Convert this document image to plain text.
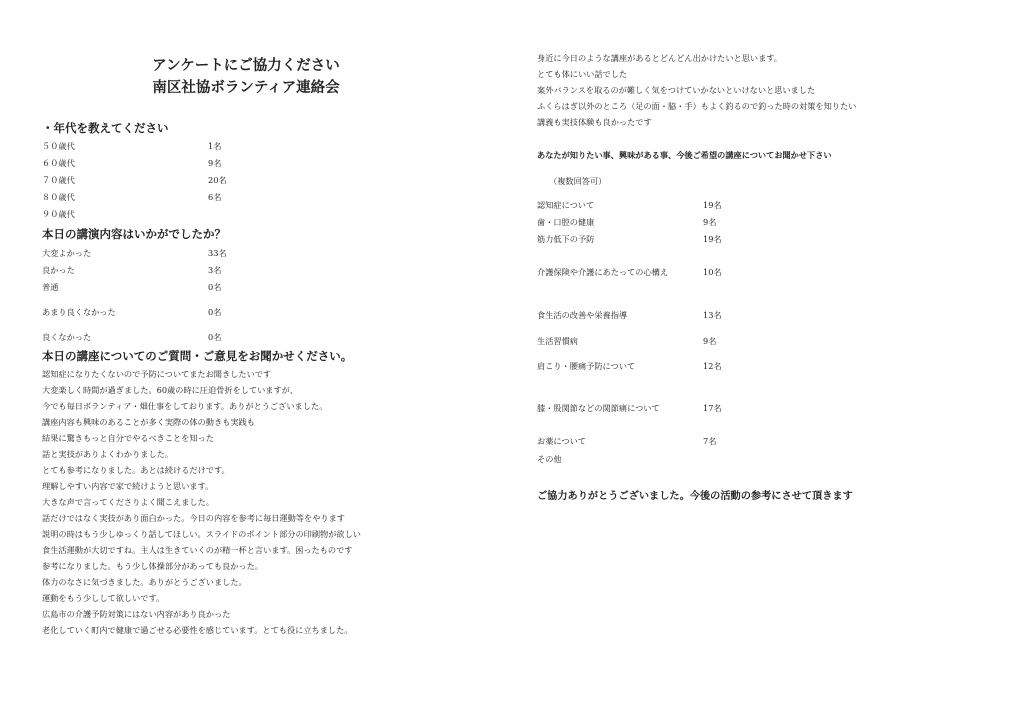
アンケートにご協力ください
南区社協ボランティア連絡会
・年代を教えてください
５０歳代	1名
６０歳代	9名
７０歳代	20名
８０歳代	6名
９０歳代
本日の講演内容はいかがでしたか？
大変よかった	33名
良かった	3名
普通	0名
あまり良くなかった	0名
良くなかった	0名
本日の講座についてのご質問・ご意見をお聞かせください。
認知症になりたくないので予防についてまたお聞きしたいです
大変楽しく時間が過ぎました。60歳の時に圧迫骨折をしていますが、
今でも毎日ボランティア・畑仕事をしております。ありがとうございました。
講座内容も興味のあることが多く実際の体の動きも実践も
結果に驚きもっと自分でやるべきことを知った
話と実技がありよくわかりました。
とても参考になりました。あとは続けるだけです。
理解しやすい内容で家で続けようと思います。
大きな声で言ってくださりよく聞こえました。
話だけではなく実技があり面白かった。今日の内容を参考に毎日運動等をやります
説明の時はもう少しゆっくり話してほしい。スライドのポイント部分の印刷物が欲しい
食生活運動が大切ですね。主人は生きていくのが精一杯と言います。困ったものです
参考になりました。もう少し体操部分があっても良かった。
体力のなさに気づきました。ありがとうございました。
運動をもう少しして欲しいです。
広島市の介護予防対策にはない内容があり良かった
老化していく町内で健康で過ごせる必要性を感じています。とても役に立ちました。
身近に今日のような講座があるとどんどん出かけたいと思います。
とても体にいい話でした
案外バランスを取るのが難しく気をつけていかないといけないと思いました
ふくらはぎ以外のところ（足の面・脇・手）もよく釣るので釣った時の対策を知りたい
講義も実技体験も良かったです
あなたが知りたい事、興味がある事、今後ご希望の講座についてお聞かせ下さい
（複数回答可）
認知症について	19名
歯・口腔の健康	9名
筋力低下の予防	19名
介護保険や介護にあたっての心構え	10名
食生活の改善や栄養指導	13名
生活習慣病	9名
肩こり・腰痛予防について	12名
膝・股関節などの関節痛について	17名
お薬について	7名
その他
ご協力ありがとうございました。今後の活動の参考にさせて頂きます
